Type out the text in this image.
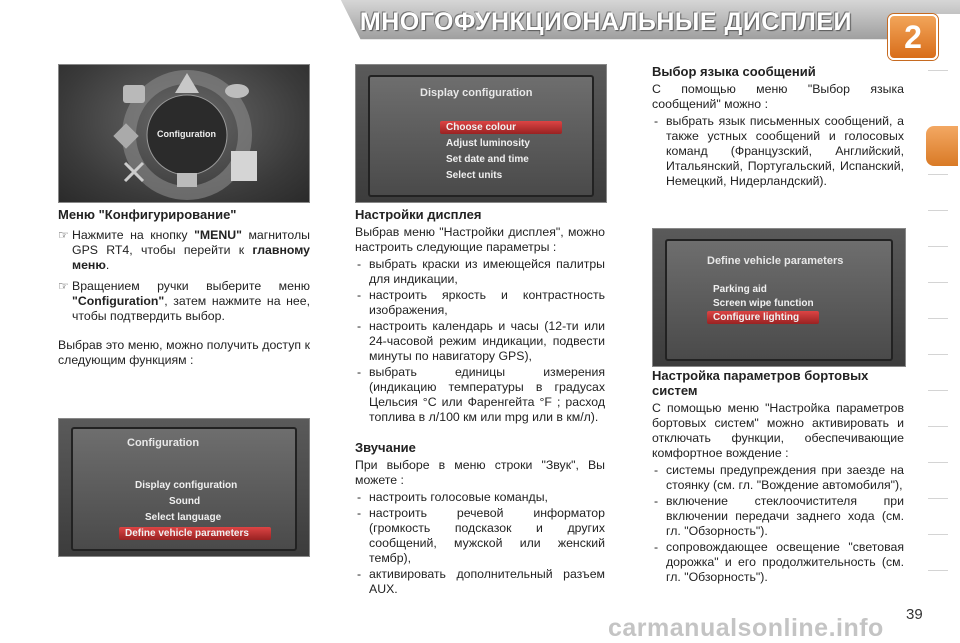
МНОГОФУНКЦИОНАЛЬНЫЕ ДИСПЛЕИ	2
Configuration
Display configuration
Choose colour
Adjust luminosity
Set date and time
Select units
Configuration
Display configuration
Sound
Select language
Define vehicle parameters
Define vehicle parameters
Parking aid
Screen wipe function
Configure lighting
Меню "Конфигурирование"
☞ Нажмите на кнопку "MENU" магнитолы GPS RT4, чтобы перейти к главному меню.
☞ Вращением ручки выберите меню "Configuration", затем нажмите на нее, чтобы подтвердить выбор.
Выбрав это меню, можно получить доступ к следующим функциям :
Настройки дисплея
Выбрав меню "Настройки дисплея", можно настроить следующие параметры :
- выбрать краски из имеющейся палитры для индикации,
- настроить яркость и контрастность изображения,
- настроить календарь и часы (12-ти или 24-часовой режим индикации, подвести минуты по навигатору GPS),
- выбрать единицы измерения (индикацию температуры в градусах Цельсия °С или Фаренгейта °F ; расход топлива в л/100 км или mpg или в км/л).
Звучание
При выборе в меню строки "Звук", Вы можете :
- настроить голосовые команды,
- настроить речевой информатор (громкость подсказок и других сообщений, мужской или женский тембр),
- активировать дополнительный разъем AUX.
Выбор языка сообщений
С помощью меню "Выбор языка сообщений" можно :
- выбрать язык письменных сообщений, а также устных сообщений и голосовых команд (Французский, Английский, Итальянский, Португальский, Испанский, Немецкий, Нидерландский).
Настройка параметров бортовых систем
С помощью меню "Настройка параметров бортовых систем" можно активировать и отключать функции, обеспечивающие комфортное вождение :
- системы предупреждения при заезде на стоянку (см. гл. "Вождение автомобиля"),
- включение стеклоочистителя при включении передачи заднего хода (см. гл. "Обзорность").
- сопровождающее освещение "световая дорожка" и его продолжительность (см. гл. "Обзорность").
39
carmanualsonline.info
